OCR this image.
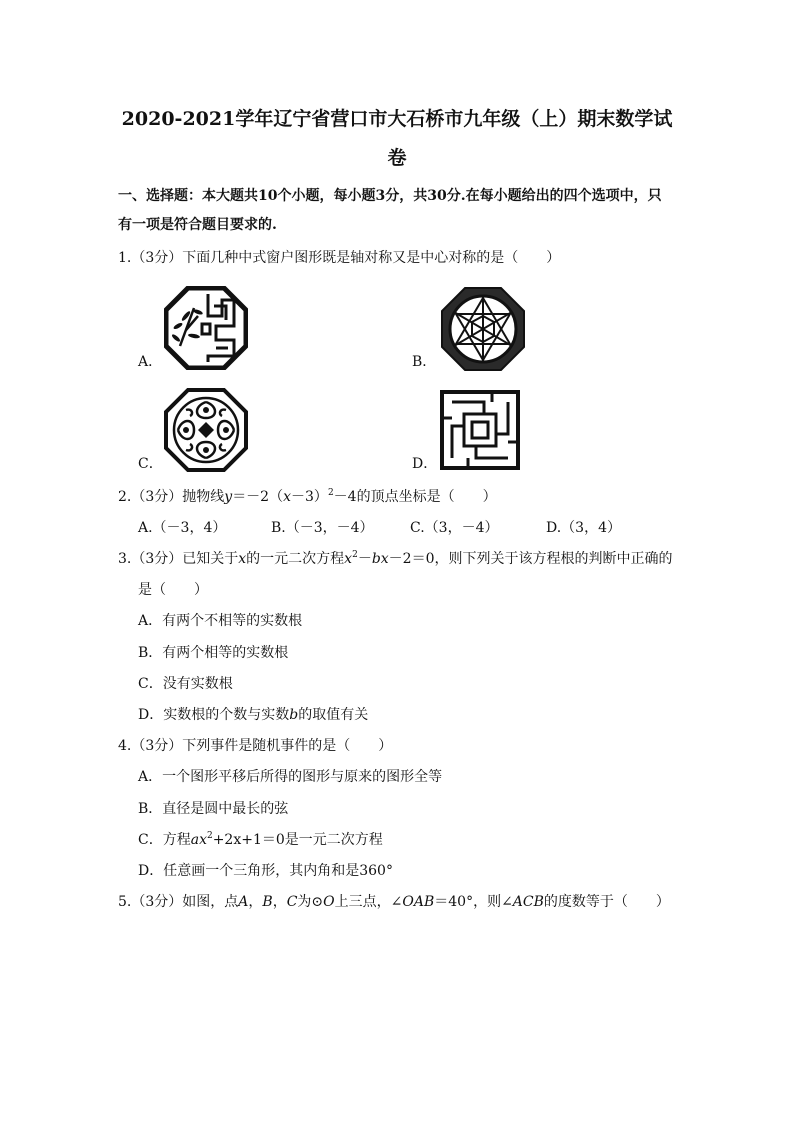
2020-2021学年辽宁省营口市大石桥市九年级（上）期末数学试
卷
一、选择题：本大题共10个小题，每小题3分，共30分.在每小题给出的四个选项中，只
有一项是符合题目要求的.
1.（3分）下面几种中式窗户图形既是轴对称又是中心对称的是（　　）
A．	B．
C．	D．
2.（3分）抛物线$y=-2(x-3)^2-4$的顶点坐标是（　　）
A.（－3，4）	B.（－3，－4）	C.（3，－4）	D.（3，4）
3.（3分）已知关于x的一元二次方程$x^2-bx-2=0$，则下列关于该方程根的判断中正确的
是（　　）
A．有两个不相等的实数根
B．有两个相等的实数根
C．没有实数根
D．实数根的个数与实数b的取值有关
4.（3分）下列事件是随机事件的是（　　）
A．一个图形平移后所得的图形与原来的图形全等
B．直径是圆中最长的弦
C．方程$ax^2+2x+1=0$是一元二次方程
D．任意画一个三角形，其内角和是360°
5.（3分）如图，点A，B，C为⊙O上三点，∠OAB＝40°，则∠ACB的度数等于（　　）
